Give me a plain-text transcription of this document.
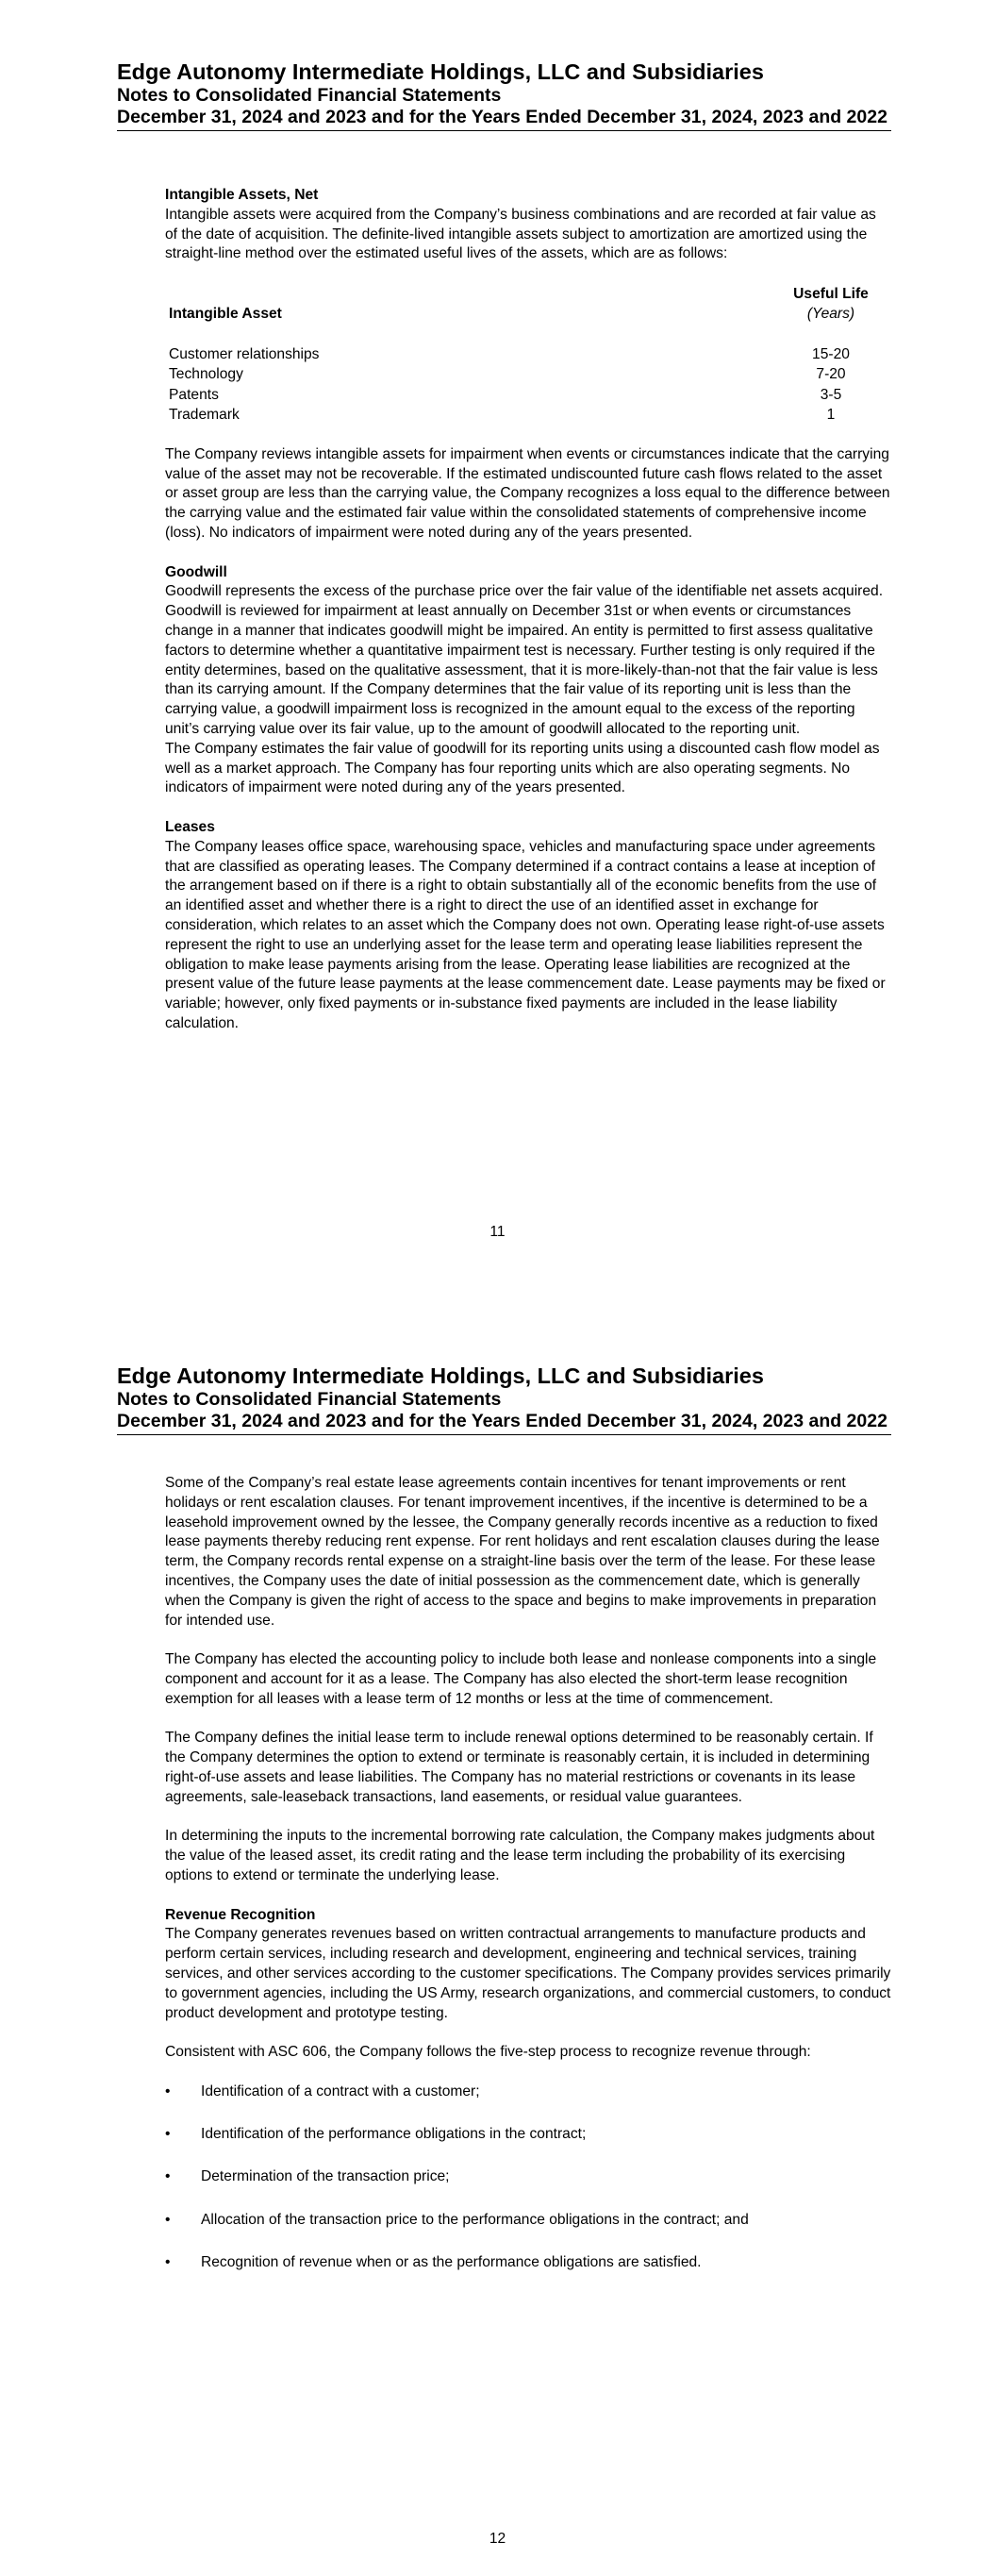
Edge Autonomy Intermediate Holdings, LLC and Subsidiaries

Notes to Consolidated Financial Statements

December 31, 2024 and 2023 and for the Years Ended December 31, 2024, 2023 and 2022

Intangible Assets, Net

Intangible assets were acquired from the Company’s business combinations and are recorded at fair value as of the date of acquisition. The definite-lived intangible assets subject to amortization are amortized using the straight-line method over the estimated useful lives of the assets, which are as follows:

	Useful Life
Intangible Asset	(Years)

Customer relationships	15-20
Technology	7-20
Patents	3-5
Trademark	1

The Company reviews intangible assets for impairment when events or circumstances indicate that the carrying value of the asset may not be recoverable. If the estimated undiscounted future cash flows related to the asset or asset group are less than the carrying value, the Company recognizes a loss equal to the difference between the carrying value and the estimated fair value within the consolidated statements of comprehensive income (loss). No indicators of impairment were noted during any of the years presented.

Goodwill

Goodwill represents the excess of the purchase price over the fair value of the identifiable net assets acquired. Goodwill is reviewed for impairment at least annually on December 31st or when events or circumstances change in a manner that indicates goodwill might be impaired. An entity is permitted to first assess qualitative factors to determine whether a quantitative impairment test is necessary. Further testing is only required if the entity determines, based on the qualitative assessment, that it is more-likely-than-not that the fair value is less than its carrying amount. If the Company determines that the fair value of its reporting unit is less than the carrying value, a goodwill impairment loss is recognized in the amount equal to the excess of the reporting unit’s carrying value over its fair value, up to the amount of goodwill allocated to the reporting unit.

The Company estimates the fair value of goodwill for its reporting units using a discounted cash flow model as well as a market approach. The Company has four reporting units which are also operating segments. No indicators of impairment were noted during any of the years presented.

Leases

The Company leases office space, warehousing space, vehicles and manufacturing space under agreements that are classified as operating leases. The Company determined if a contract contains a lease at inception of the arrangement based on if there is a right to obtain substantially all of the economic benefits from the use of an identified asset and whether there is a right to direct the use of an identified asset in exchange for consideration, which relates to an asset which the Company does not own. Operating lease right-of-use assets represent the right to use an underlying asset for the lease term and operating lease liabilities represent the obligation to make lease payments arising from the lease. Operating lease liabilities are recognized at the present value of the future lease payments at the lease commencement date. Lease payments may be fixed or variable; however, only fixed payments or in-substance fixed payments are included in the lease liability calculation.

11

Edge Autonomy Intermediate Holdings, LLC and Subsidiaries

Notes to Consolidated Financial Statements

December 31, 2024 and 2023 and for the Years Ended December 31, 2024, 2023 and 2022

Some of the Company’s real estate lease agreements contain incentives for tenant improvements or rent holidays or rent escalation clauses. For tenant improvement incentives, if the incentive is determined to be a leasehold improvement owned by the lessee, the Company generally records incentive as a reduction to fixed lease payments thereby reducing rent expense. For rent holidays and rent escalation clauses during the lease term, the Company records rental expense on a straight-line basis over the term of the lease. For these lease incentives, the Company uses the date of initial possession as the commencement date, which is generally when the Company is given the right of access to the space and begins to make improvements in preparation for intended use.

The Company has elected the accounting policy to include both lease and nonlease components into a single component and account for it as a lease. The Company has also elected the short-term lease recognition exemption for all leases with a lease term of 12 months or less at the time of commencement.

The Company defines the initial lease term to include renewal options determined to be reasonably certain. If the Company determines the option to extend or terminate is reasonably certain, it is included in determining right-of-use assets and lease liabilities. The Company has no material restrictions or covenants in its lease agreements, sale-leaseback transactions, land easements, or residual value guarantees.

In determining the inputs to the incremental borrowing rate calculation, the Company makes judgments about the value of the leased asset, its credit rating and the lease term including the probability of its exercising options to extend or terminate the underlying lease.

Revenue Recognition

The Company generates revenues based on written contractual arrangements to manufacture products and perform certain services, including research and development, engineering and technical services, training services, and other services according to the customer specifications. The Company provides services primarily to government agencies, including the US Army, research organizations, and commercial customers, to conduct product development and prototype testing.

Consistent with ASC 606, the Company follows the five-step process to recognize revenue through:

• Identification of a contract with a customer;
• Identification of the performance obligations in the contract;
• Determination of the transaction price;
• Allocation of the transaction price to the performance obligations in the contract; and
• Recognition of revenue when or as the performance obligations are satisfied.
12
